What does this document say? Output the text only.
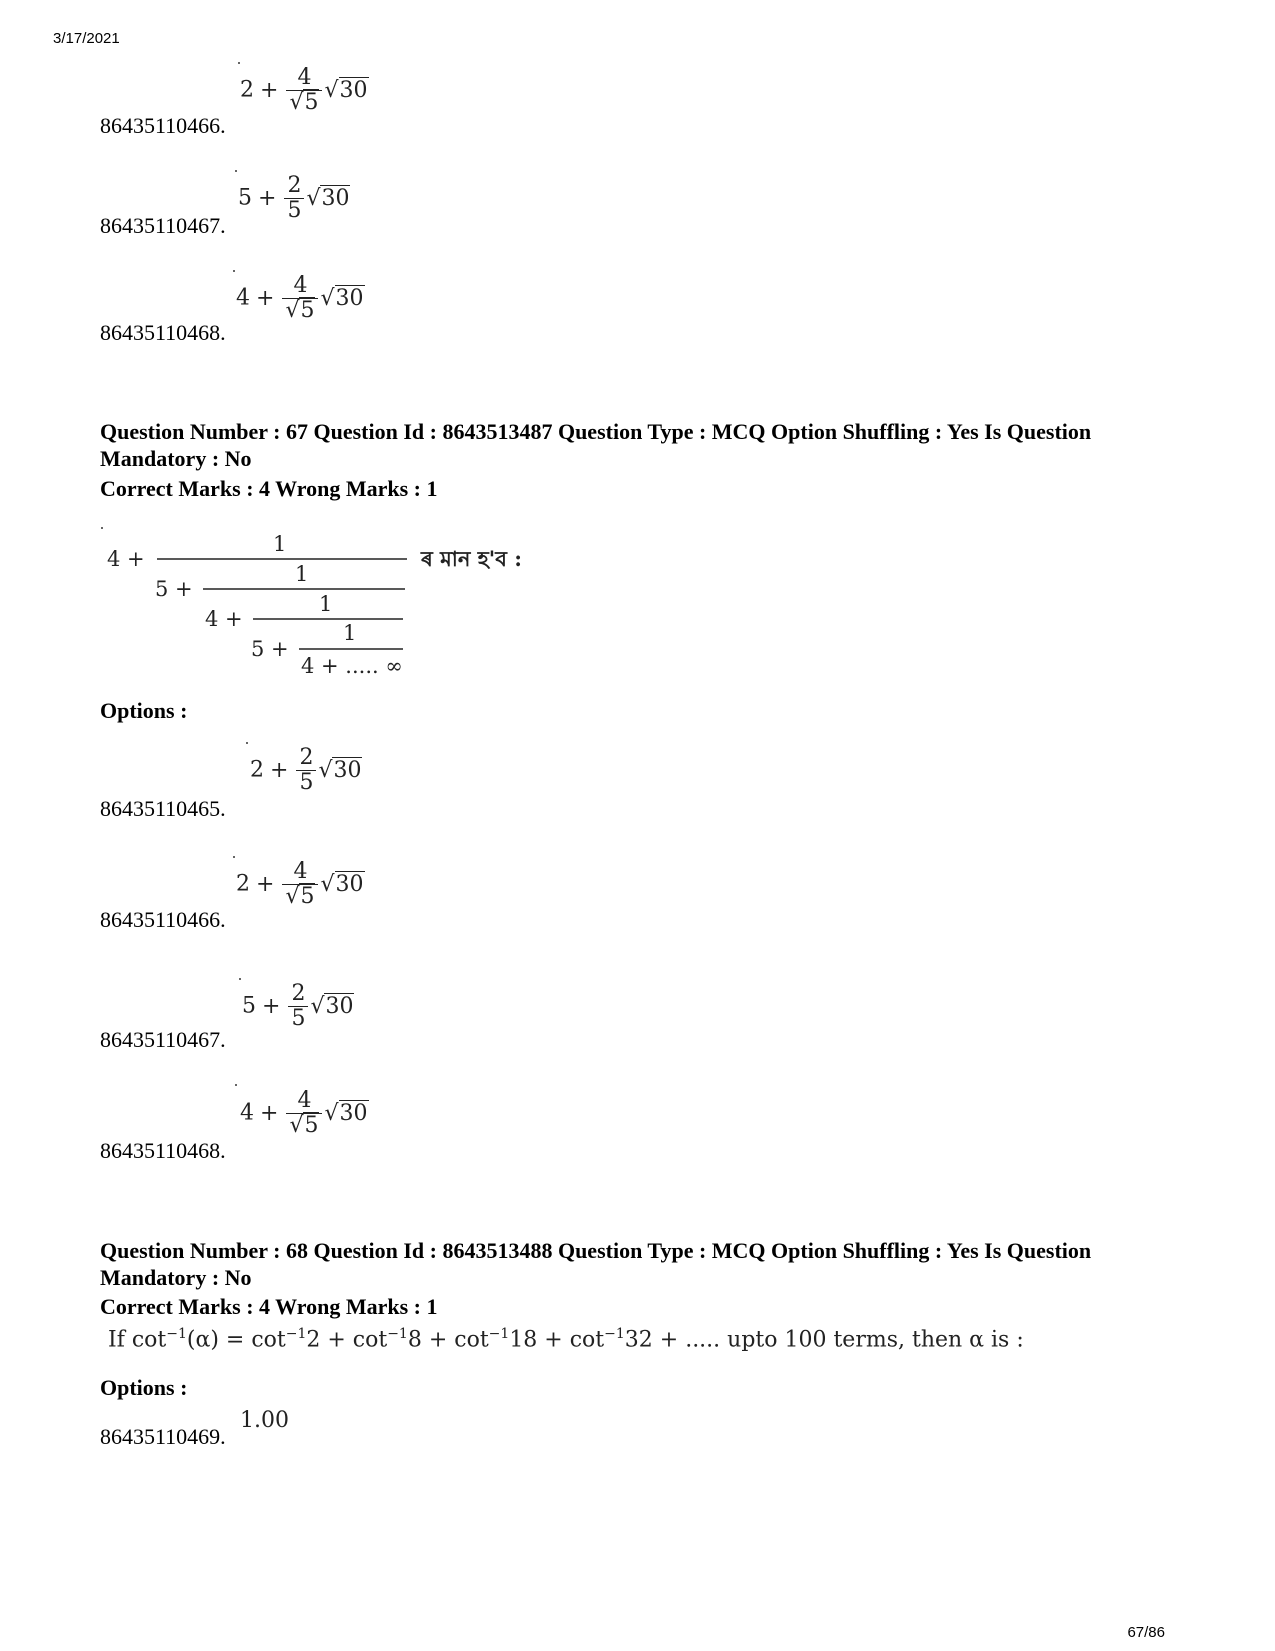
3/17/2021
67/86
$2 + \frac{4}{√5} √30$
86435110466.
$5 + \frac{2}{5} √30$
86435110467.
$4 + \frac{4}{√5} √30$
86435110468.
Question Number : 67 Question Id : 8643513487 Question Type : MCQ Option Shuffling : Yes Is Question Mandatory : No
Correct Marks : 4 Wrong Marks : 1
4 +
1
5 +
1
4 +
1
5 +
1
4 + ..... ∞
ৰ মান হ'ব :
Options :
$2 + \frac{2}{5} √30$
86435110465.
$2 + \frac{4}{√5} √30$
86435110466.
$5 + \frac{2}{5} √30$
86435110467.
$4 + \frac{4}{√5} √30$
86435110468.
Question Number : 68 Question Id : 8643513488 Question Type : MCQ Option Shuffling : Yes Is Question Mandatory : No
Correct Marks : 4 Wrong Marks : 1
If $\cot^{-1}(\alpha) = \cot^{-1}2 + \cot^{-1}8 + \cot^{-1}18 + \cot^{-1}32$ + ..... upto 100 terms, then α is :
Options :
1.00
86435110469.
